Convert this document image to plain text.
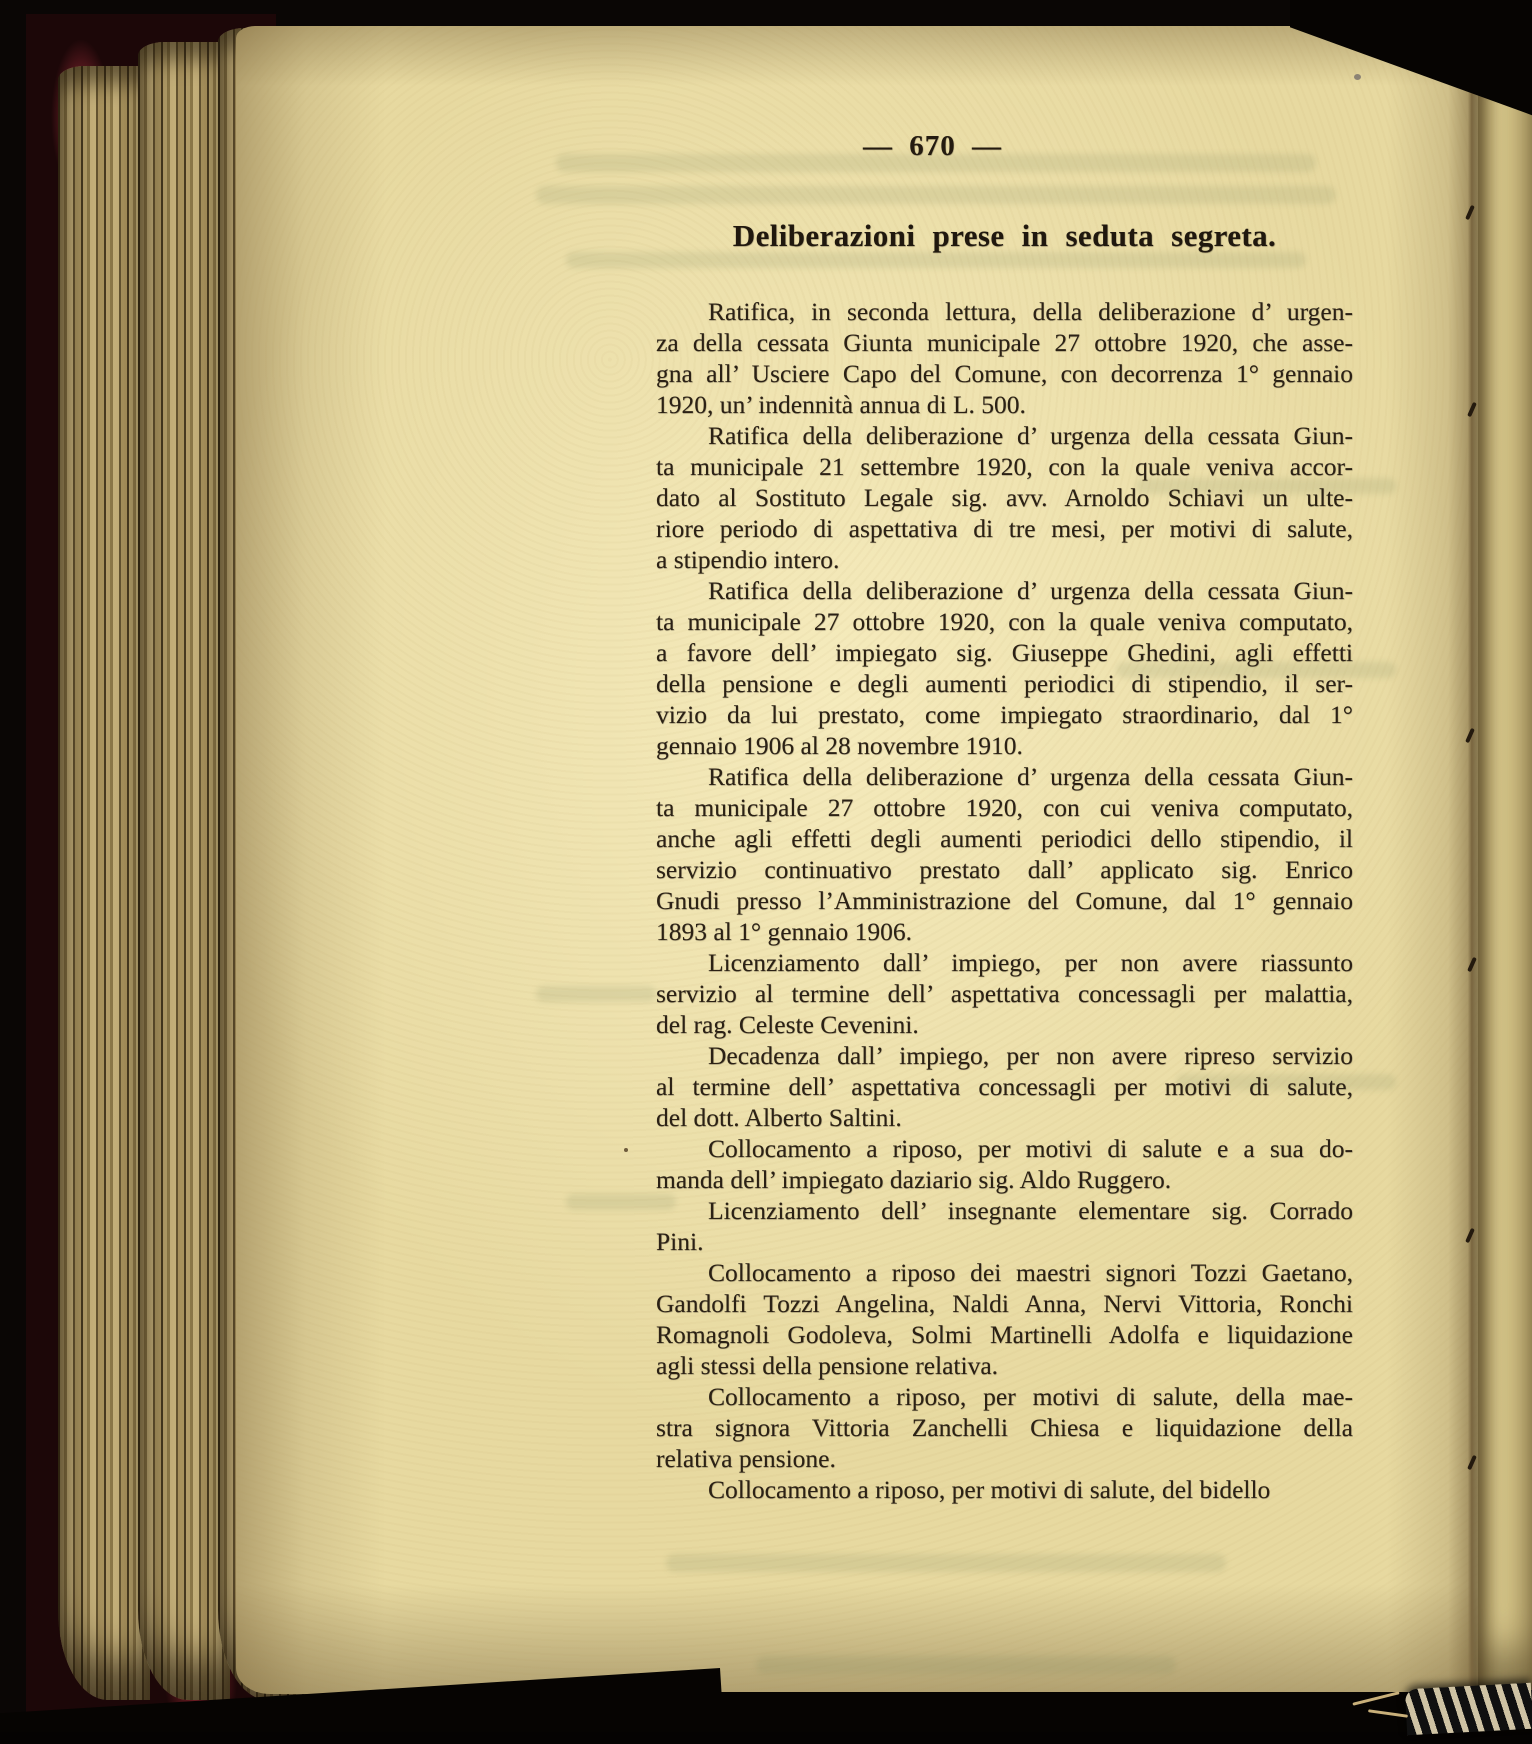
— 670 —
Deliberazioni prese in seduta segreta.
Ratifica, in seconda lettura, della deliberazione d’ urgen-
za della cessata Giunta municipale 27 ottobre 1920, che asse-
gna all’ Usciere Capo del Comune, con decorrenza 1° gennaio
1920, un’ indennità annua di L. 500.
Ratifica della deliberazione d’ urgenza della cessata Giun-
ta municipale 21 settembre 1920, con la quale veniva accor-
dato al Sostituto Legale sig. avv. Arnoldo Schiavi un ulte-
riore periodo di aspettativa di tre mesi, per motivi di salute,
a stipendio intero.
Ratifica della deliberazione d’ urgenza della cessata Giun-
ta municipale 27 ottobre 1920, con la quale veniva computato,
a favore dell’ impiegato sig. Giuseppe Ghedini, agli effetti
della pensione e degli aumenti periodici di stipendio, il ser-
vizio da lui prestato, come impiegato straordinario, dal 1°
gennaio 1906 al 28 novembre 1910.
Ratifica della deliberazione d’ urgenza della cessata Giun-
ta municipale 27 ottobre 1920, con cui veniva computato,
anche agli effetti degli aumenti periodici dello stipendio, il
servizio continuativo prestato dall’ applicato sig. Enrico
Gnudi presso l’Amministrazione del Comune, dal 1° gennaio
1893 al 1° gennaio 1906.
Licenziamento dall’ impiego, per non avere riassunto
servizio al termine dell’ aspettativa concessagli per malattia,
del rag. Celeste Cevenini.
Decadenza dall’ impiego, per non avere ripreso servizio
al termine dell’ aspettativa concessagli per motivi di salute,
del dott. Alberto Saltini.
Collocamento a riposo, per motivi di salute e a sua do-
manda dell’ impiegato daziario sig. Aldo Ruggero.
Licenziamento dell’ insegnante elementare sig. Corrado
Pini.
Collocamento a riposo dei maestri signori Tozzi Gaetano,
Gandolfi Tozzi Angelina, Naldi Anna, Nervi Vittoria, Ronchi
Romagnoli Godoleva, Solmi Martinelli Adolfa e liquidazione
agli stessi della pensione relativa.
Collocamento a riposo, per motivi di salute, della mae-
stra signora Vittoria Zanchelli Chiesa e liquidazione della
relativa pensione.
Collocamento a riposo, per motivi di salute, del bidello
